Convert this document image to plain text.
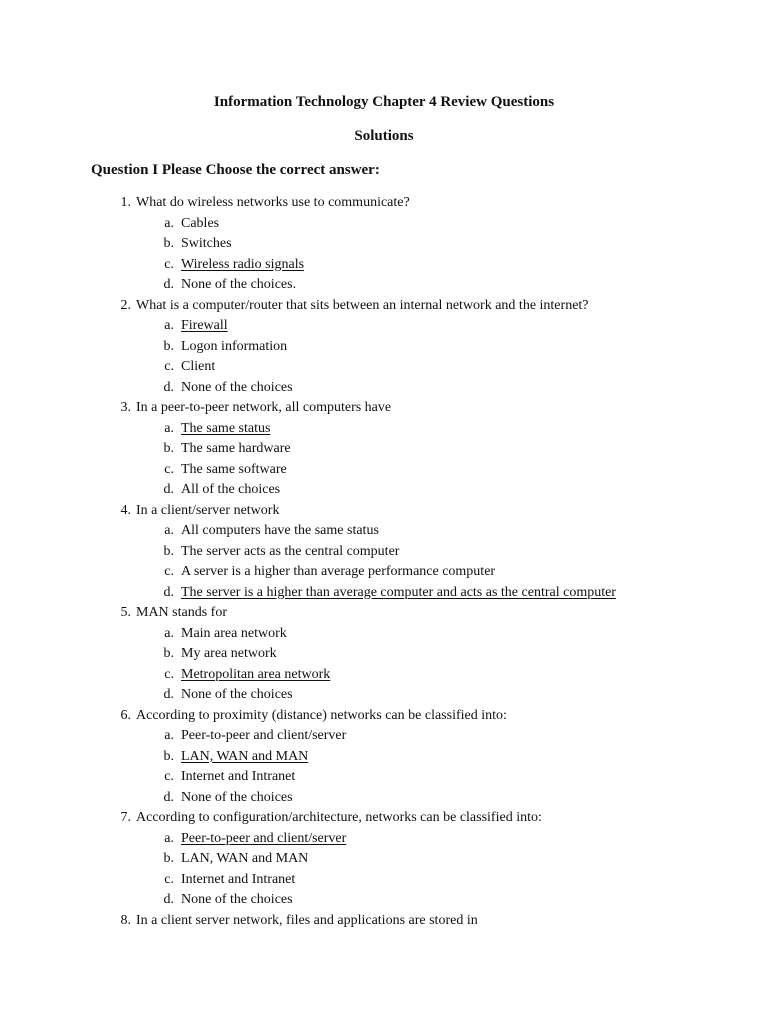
Information Technology Chapter 4 Review Questions
Solutions
Question I Please Choose the correct answer:
1. What do wireless networks use to communicate?
a. Cables
b. Switches
c. Wireless radio signals
d. None of the choices.
2. What is a computer/router that sits between an internal network and the internet?
a. Firewall
b. Logon information
c. Client
d. None of the choices
3. In a peer-to-peer network, all computers have
a. The same status
b. The same hardware
c. The same software
d. All of the choices
4. In a client/server network
a. All computers have the same status
b. The server acts as the central computer
c. A server is a higher than average performance computer
d. The server is a higher than average computer and acts as the central computer
5. MAN stands for
a. Main area network
b. My area network
c. Metropolitan area network
d. None of the choices
6. According to proximity (distance) networks can be classified into:
a. Peer-to-peer and client/server
b. LAN, WAN and MAN
c. Internet and Intranet
d. None of the choices
7. According to configuration/architecture, networks can be classified into:
a. Peer-to-peer and client/server
b. LAN, WAN and MAN
c. Internet and Intranet
d. None of the choices
8. In a client server network, files and applications are stored in
